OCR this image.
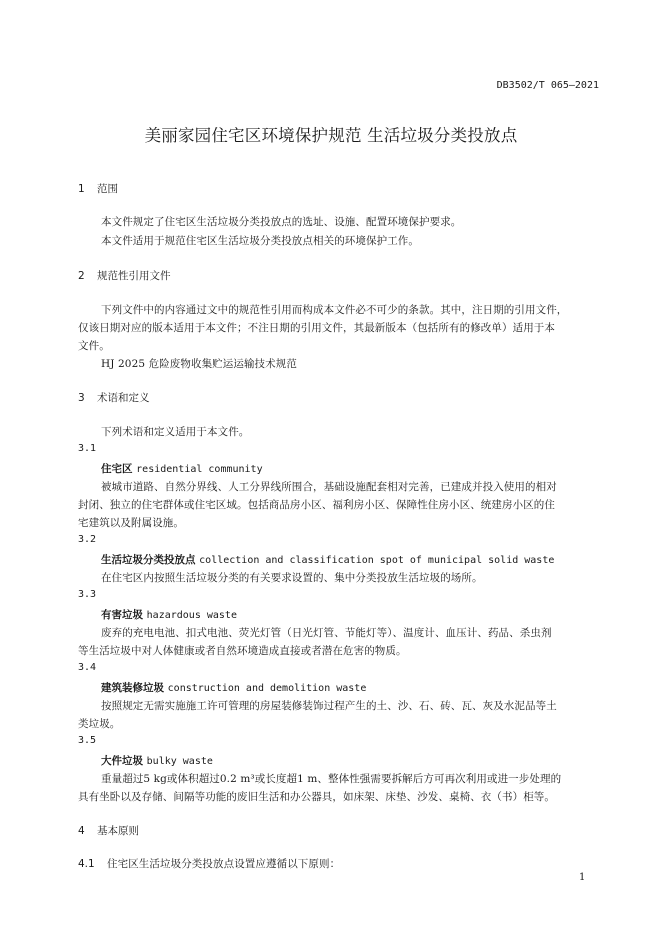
DB3502/T 065—2021
美丽家园住宅区环境保护规范 生活垃圾分类投放点
1 范围
本文件规定了住宅区生活垃圾分类投放点的选址、设施、配置环境保护要求。
本文件适用于规范住宅区生活垃圾分类投放点相关的环境保护工作。
2 规范性引用文件
下列文件中的内容通过文中的规范性引用而构成本文件必不可少的条款。其中，注日期的引用文件，
仅该日期对应的版本适用于本文件；不注日期的引用文件，其最新版本（包括所有的修改单）适用于本
文件。
HJ 2025 危险废物收集贮运运输技术规范
3 术语和定义
下列术语和定义适用于本文件。
3.1
住宅区 residential community
被城市道路、自然分界线、人工分界线所围合，基础设施配套相对完善，已建成并投入使用的相对
封闭、独立的住宅群体或住宅区域。包括商品房小区、福利房小区、保障性住房小区、统建房小区的住
宅建筑以及附属设施。
3.2
生活垃圾分类投放点 collection and classification spot of municipal solid waste
在住宅区内按照生活垃圾分类的有关要求设置的、集中分类投放生活垃圾的场所。
3.3
有害垃圾 hazardous waste
废弃的充电电池、扣式电池、荧光灯管（日光灯管、节能灯等）、温度计、血压计、药品、杀虫剂
等生活垃圾中对人体健康或者自然环境造成直接或者潜在危害的物质。
3.4
建筑装修垃圾 construction and demolition waste
按照规定无需实施施工许可管理的房屋装修装饰过程产生的土、沙、石、砖、瓦、灰及水泥品等土
类垃圾。
3.5
大件垃圾 bulky waste
重量超过5 kg或体积超过0.2 m³或长度超1 m、整体性强需要拆解后方可再次利用或进一步处理的
具有坐卧以及存储、间隔等功能的废旧生活和办公器具，如床架、床垫、沙发、桌椅、衣（书）柜等。
4 基本原则
4.1 住宅区生活垃圾分类投放点设置应遵循以下原则：
1
